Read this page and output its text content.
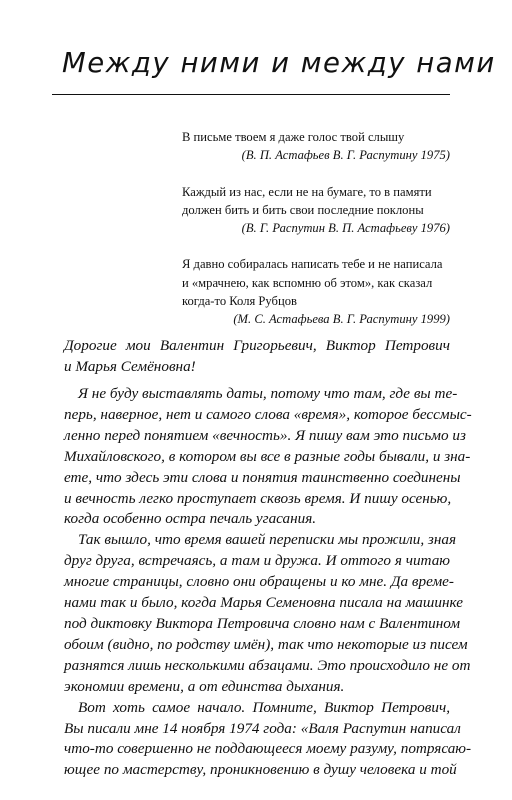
Между ними и между нами
В письме твоем я даже голос твой слышу
(В. П. Астафьев В. Г. Распутину 1975)
Каждый из нас, если не на бумаге, то в памяти
должен бить и бить свои последние поклоны
(В. Г. Распутин В. П. Астафьеву 1976)
Я давно собиралась написать тебе и не написала
и «мрачнею, как вспомню об этом», как сказал
когда-то Коля Рубцов
(М. С. Астафьева В. Г. Распутину 1999)
Дорогие мои Валентин Григорьевич, Виктор Петрович
и Марья Семёновна!
Я не буду выставлять даты, потому что там, где вы те-
перь, наверное, нет и самого слова «время», которое бессмыс-
ленно перед понятием «вечность». Я пишу вам это письмо из
Михайловского, в котором вы все в разные годы бывали, и зна-
ете, что здесь эти слова и понятия таинственно соединены
и вечность легко проступает сквозь время. И пишу осенью,
когда особенно остра печаль угасания.
Так вышло, что время вашей переписки мы прожили, зная
друг друга, встречаясь, а там и дружа. И оттого я читаю
многие страницы, словно они обращены и ко мне. Да време-
нами так и было, когда Марья Семеновна писала на машинке
под диктовку Виктора Петровича словно нам с Валентином
обоим (видно, по родству имён), так что некоторые из писем
разнятся лишь несколькими абзацами. Это происходило не от
экономии времени, а от единства дыхания.
Вот хоть самое начало. Помните, Виктор Петрович,
Вы писали мне 14 ноября 1974 года: «Валя Распутин написал
что-то совершенно не поддающееся моему разуму, потрясаю-
ющее по мастерству, проникновению в душу человека и той
